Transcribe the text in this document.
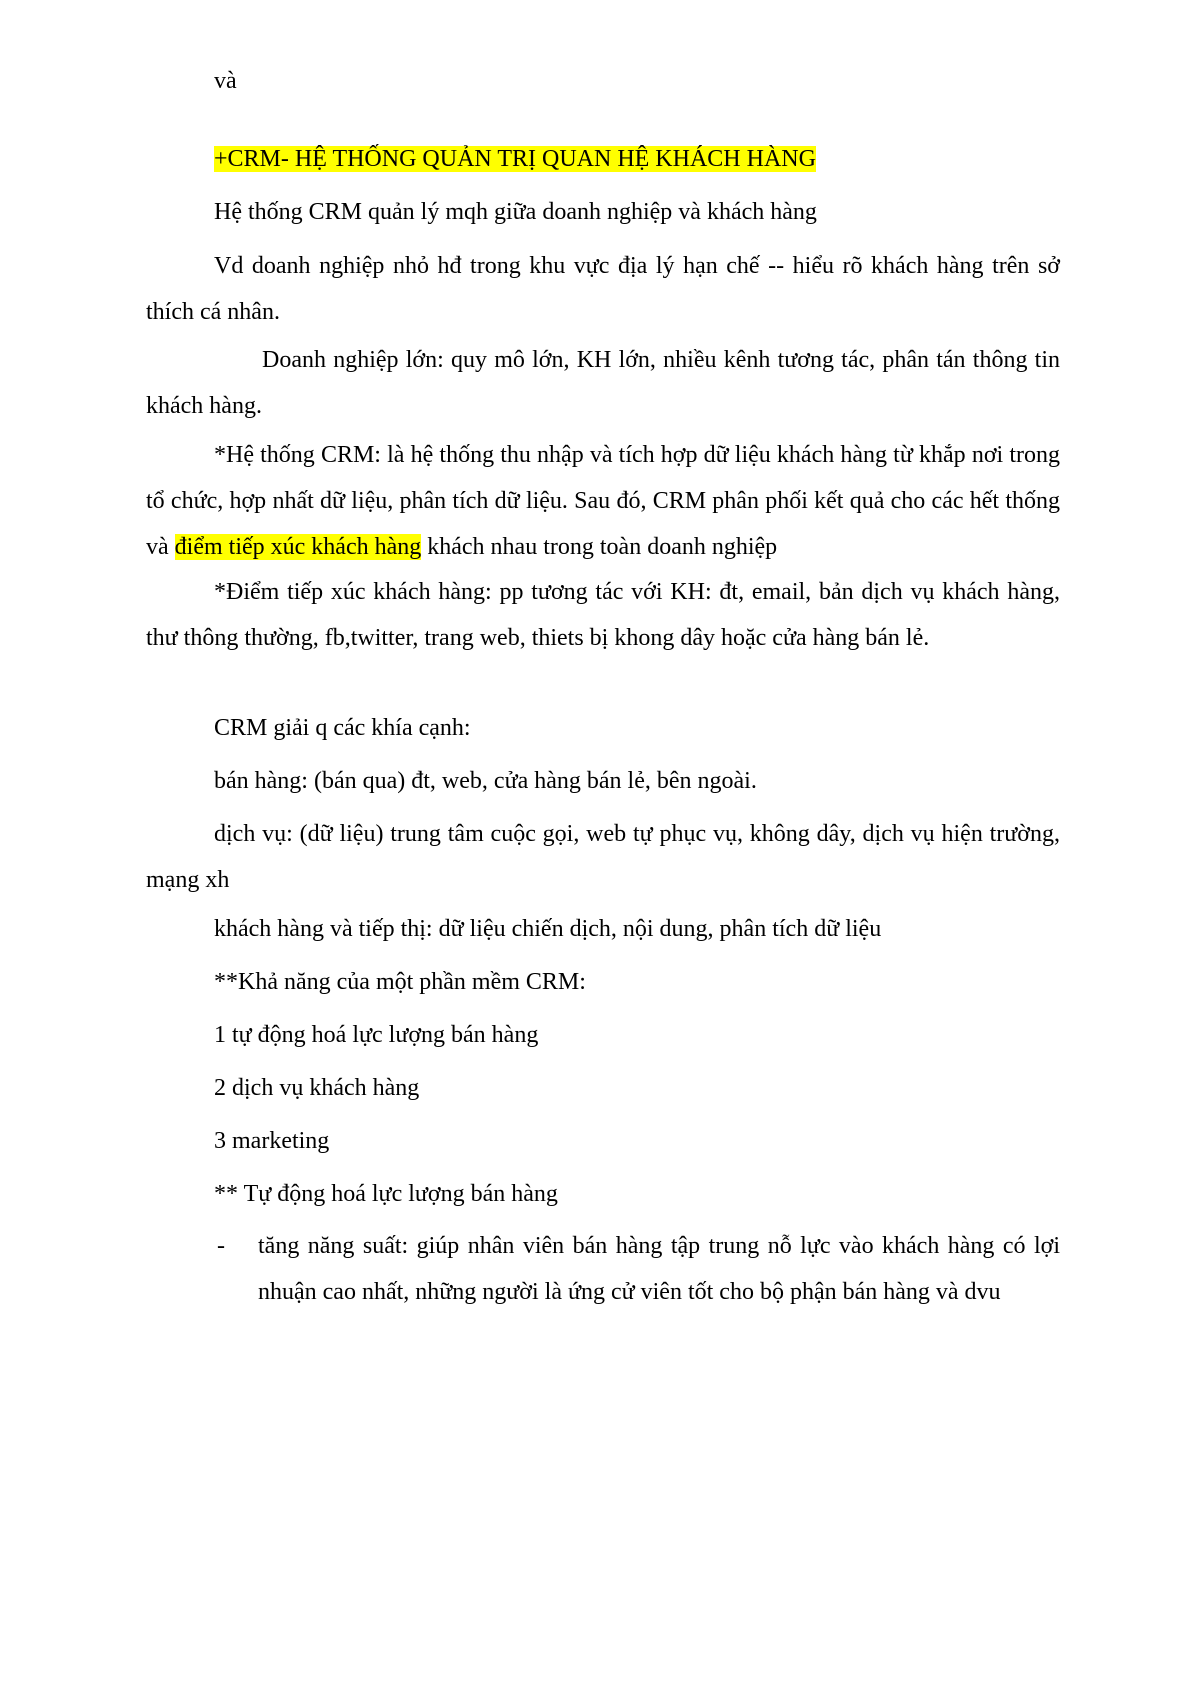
và

+CRM- HỆ THỐNG QUẢN TRỊ QUAN HỆ KHÁCH HÀNG

Hệ thống CRM quản lý mqh giữa doanh nghiệp và khách hàng

Vd doanh nghiệp nhỏ hđ trong khu vực địa lý hạn chế -- hiểu rõ khách hàng trên sở thích cá nhân.

Doanh nghiệp lớn: quy mô lớn, KH lớn, nhiều kênh tương tác, phân tán thông tin khách hàng.

*Hệ thống CRM: là hệ thống thu nhập và tích hợp dữ liệu khách hàng từ khắp nơi trong tổ chức, hợp nhất dữ liệu, phân tích dữ liệu. Sau đó, CRM phân phối kết quả cho các hết thống và điểm tiếp xúc khách hàng khách nhau trong toàn doanh nghiệp

*Điểm tiếp xúc khách hàng: pp tương tác với KH: đt, email, bản dịch vụ khách hàng, thư thông thường, fb,twitter, trang web, thiets bị khong dây hoặc cửa hàng bán lẻ.

CRM giải q các khía cạnh:

bán hàng: (bán qua) đt, web, cửa hàng bán lẻ, bên ngoài.

dịch vụ: (dữ liệu) trung tâm cuộc gọi, web tự phục vụ, không dây, dịch vụ hiện trường, mạng xh

khách hàng và tiếp thị: dữ liệu chiến dịch, nội dung, phân tích dữ liệu

**Khả năng của một phần mềm CRM:

1 tự động hoá lực lượng bán hàng

2 dịch vụ khách hàng

3 marketing

** Tự động hoá lực lượng bán hàng

- tăng năng suất: giúp nhân viên bán hàng tập trung nỗ lực vào khách hàng có lợi nhuận cao nhất, những người là ứng cử viên tốt cho bộ phận bán hàng và dvu
